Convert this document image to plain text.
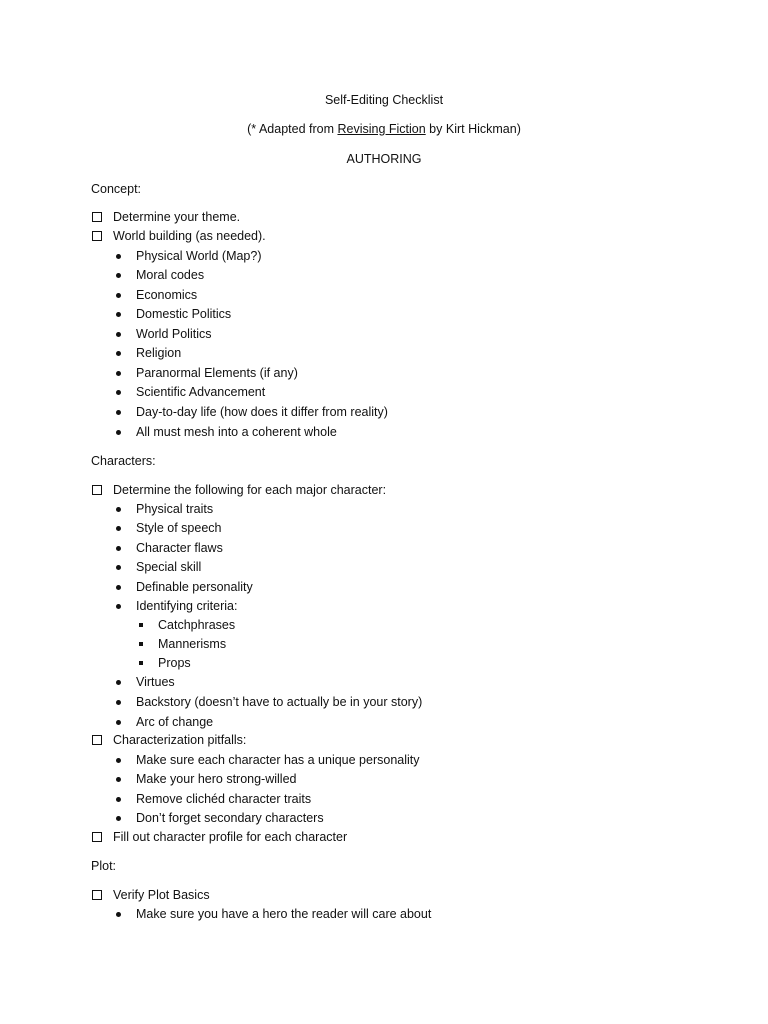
Self-Editing Checklist
(* Adapted from Revising Fiction by Kirt Hickman)
AUTHORING
Concept:
Determine your theme.
World building (as needed).
Physical World (Map?)
Moral codes
Economics
Domestic Politics
World Politics
Religion
Paranormal Elements (if any)
Scientific Advancement
Day-to-day life (how does it differ from reality)
All must mesh into a coherent whole
Characters:
Determine the following for each major character:
Physical traits
Style of speech
Character flaws
Special skill
Definable personality
Identifying criteria:
Catchphrases
Mannerisms
Props
Virtues
Backstory (doesn’t have to actually be in your story)
Arc of change
Characterization pitfalls:
Make sure each character has a unique personality
Make your hero strong-willed
Remove clichéd character traits
Don’t forget secondary characters
Fill out character profile for each character
Plot:
Verify Plot Basics
Make sure you have a hero the reader will care about
